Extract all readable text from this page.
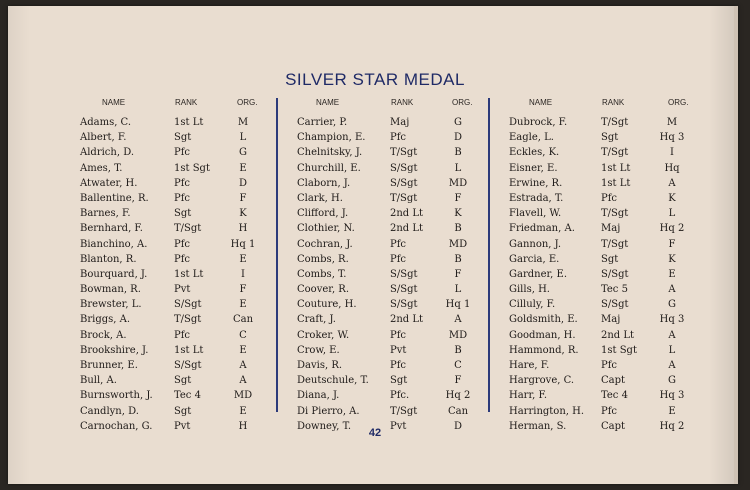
SILVER STAR MEDAL
NAME	RANK	ORG.
Adams, C.	1st Lt	M
Albert, F.	Sgt	L
Aldrich, D.	Pfc	G
Ames, T.	1st Sgt	E
Atwater, H.	Pfc	D
Ballentine, R.	Pfc	F
Barnes, F.	Sgt	K
Bernhard, F.	T/Sgt	H
Bianchino, A.	Pfc	Hq 1
Blanton, R.	Pfc	E
Bourquard, J.	1st Lt	I
Bowman, R.	Pvt	F
Brewster, L.	S/Sgt	E
Briggs, A.	T/Sgt	Can
Brock, A.	Pfc	C
Brookshire, J.	1st Lt	E
Brunner, E.	S/Sgt	A
Bull, A.	Sgt	A
Burnsworth, J. Tec 4	MD
Candlyn, D.	Sgt	E
Carnochan, G. Pvt	H
NAME	RANK	ORG.
Carrier, P.	Maj	G
Champion, E. Pfc	D
Chelnitsky, J.	T/Sgt	B
Churchill, E.	S/Sgt	L
Claborn, J.	S/Sgt	MD
Clark, H.	T/Sgt	F
Clifford, J.	2nd Lt	K
Clothier, N.	2nd Lt	B
Cochran, J.	Pfc	MD
Combs, R.	Pfc	B
Combs, T.	S/Sgt	F
Coover, R.	S/Sgt	L
Couture, H.	S/Sgt	Hq 1
Craft, J.	2nd Lt	A
Croker, W.	Pfc	MD
Crow, E.	Pvt	B
Davis, R.	Pfc	C
Deutschule, T. Sgt	F
Diana, J.	Pfc.	Hq 2
Di Pierro, A.	T/Sgt	Can
Downey, T.	Pvt	D
NAME	RANK	ORG.
Dubrock, F.	T/Sgt	M
Eagle, L.	Sgt	Hq 3
Eckles, K.	T/Sgt	I
Eisner, E.	1st Lt	Hq
Erwine, R.	1st Lt	A
Estrada, T.	Pfc	K
Flavell, W.	T/Sgt	L
Friedman, A.	Maj	Hq 2
Gannon, J.	T/Sgt	F
Garcia, E.	Sgt	K
Gardner, E.	S/Sgt	E
Gills, H.	Tec 5	A
Cilluly, F.	S/Sgt	G
Goldsmith, E. Maj	Hq 3
Goodman, H.	2nd Lt	A
Hammond, R. 1st Sgt	L
Hare, F.	Pfc	A
Hargrove, C.	Capt	G
Harr, F.	Tec 4	Hq 3
Harrington, H. Pfc	E
Herman, S.	Capt	Hq 2
42
